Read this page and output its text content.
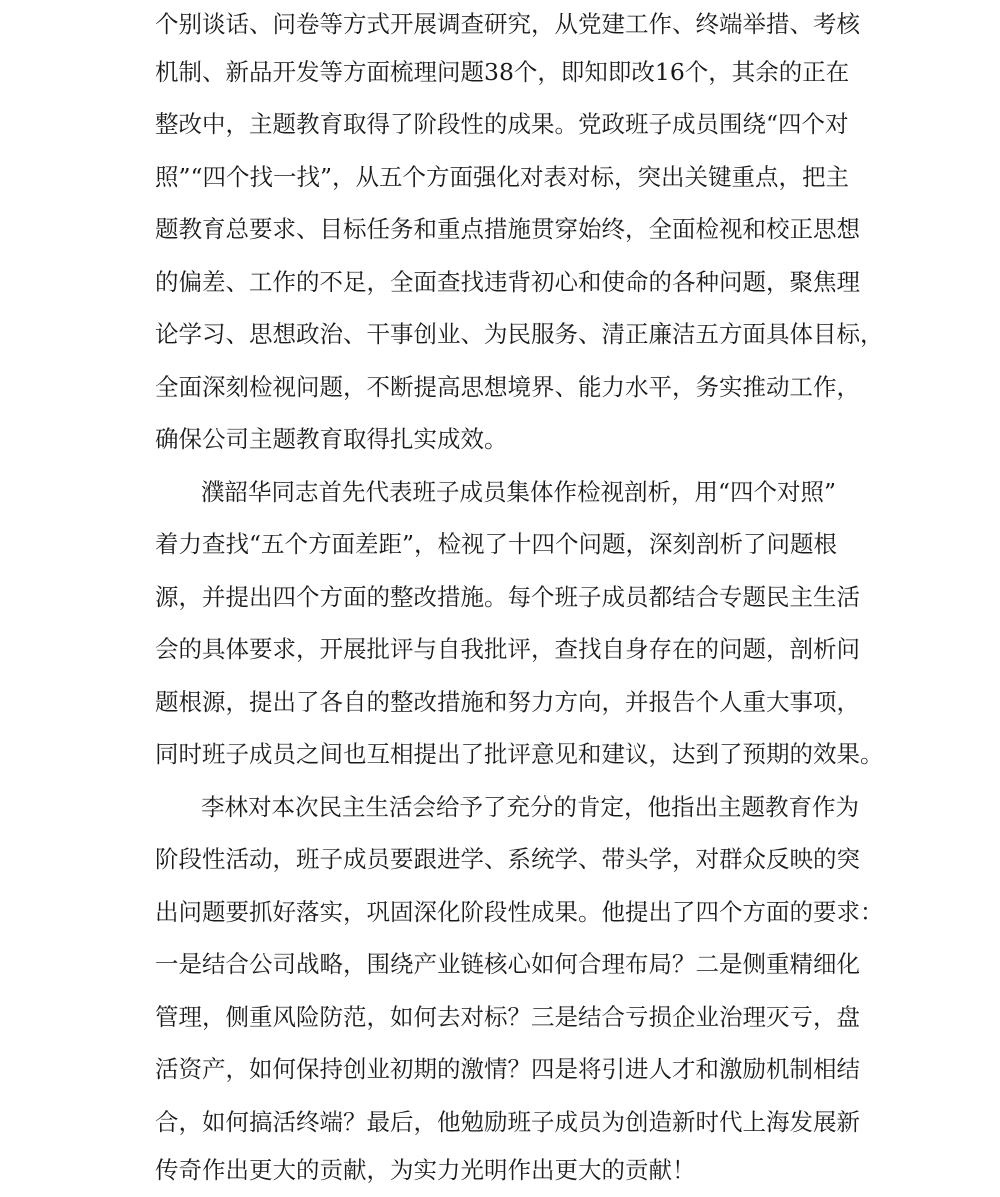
个别谈话、问卷等方式开展调查研究，从党建工作、终端举措、考核
机制、新品开发等方面梳理问题38个，即知即改16个，其余的正在
整改中，主题教育取得了阶段性的成果。党政班子成员围绕“四个对
照”“四个找一找”，从五个方面强化对表对标，突出关键重点，把主
题教育总要求、目标任务和重点措施贯穿始终，全面检视和校正思想
的偏差、工作的不足，全面查找违背初心和使命的各种问题，聚焦理
论学习、思想政治、干事创业、为民服务、清正廉洁五方面具体目标，
全面深刻检视问题，不断提高思想境界、能力水平，务实推动工作，
确保公司主题教育取得扎实成效。
濮韶华同志首先代表班子成员集体作检视剖析，用“四个对照”
着力查找“五个方面差距”，检视了十四个问题，深刻剖析了问题根
源，并提出四个方面的整改措施。每个班子成员都结合专题民主生活
会的具体要求，开展批评与自我批评，查找自身存在的问题，剖析问
题根源，提出了各自的整改措施和努力方向，并报告个人重大事项，
同时班子成员之间也互相提出了批评意见和建议，达到了预期的效果。
李林对本次民主生活会给予了充分的肯定，他指出主题教育作为
阶段性活动，班子成员要跟进学、系统学、带头学，对群众反映的突
出问题要抓好落实，巩固深化阶段性成果。他提出了四个方面的要求：
一是结合公司战略，围绕产业链核心如何合理布局？二是侧重精细化
管理，侧重风险防范，如何去对标？三是结合亏损企业治理灭亏，盘
活资产，如何保持创业初期的激情？四是将引进人才和激励机制相结
合，如何搞活终端？最后，他勉励班子成员为创造新时代上海发展新
传奇作出更大的贡献，为实力光明作出更大的贡献！
